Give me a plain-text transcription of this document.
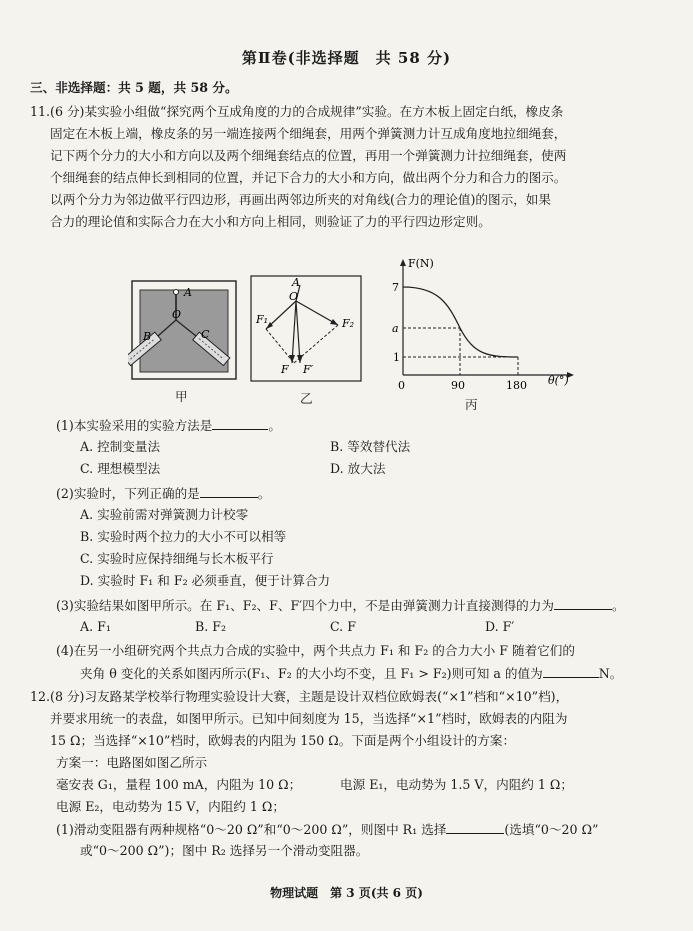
第Ⅱ卷(非选择题　共 58 分)
三、非选择题：共 5 题，共 58 分。
11.(6 分)某实验小组做“探究两个互成角度的力的合成规律”实验。在方木板上固定白纸，橡皮条
固定在木板上端，橡皮条的另一端连接两个细绳套，用两个弹簧测力计互成角度地拉细绳套，
记下两个分力的大小和方向以及两个细绳套结点的位置，再用一个弹簧测力计拉细绳套，使两
个细绳套的结点伸长到相同的位置，并记下合力的大小和方向，做出两个分力和合力的图示。
以两个分力为邻边做平行四边形，再画出两邻边所夹的对角线(合力的理论值)的图示，如果
合力的理论值和实际合力在大小和方向上相同，则验证了力的平行四边形定则。
A
O
B	C
甲
A
O
F₁	F₂
F F′
乙
F(N)
θ(°)
7
a
1
0	90	180
丙
(1)本实验采用的实验方法是	。
A. 控制变量法	B. 等效替代法
C. 理想模型法	D. 放大法
(2)实验时，下列正确的是	。
A. 实验前需对弹簧测力计校零
B. 实验时两个拉力的大小不可以相等
C. 实验时应保持细绳与长木板平行
D. 实验时 F₁ 和 F₂ 必须垂直，便于计算合力
(3)实验结果如图甲所示。在 F₁、F₂、F、F′四个力中，不是由弹簧测力计直接测得的力为	。
A. F₁	B. F₂	C. F	D. F′
(4)在另一小组研究两个共点力合成的实验中，两个共点力 F₁ 和 F₂ 的合力大小 F 随着它们的
夹角 θ 变化的关系如图丙所示(F₁、F₂ 的大小均不变，且 F₁ > F₂)则可知 a 的值为	N。
12.(8 分)习友路某学校举行物理实验设计大赛，主题是设计双档位欧姆表(“×1”档和“×10”档)，
并要求用统一的表盘，如图甲所示。已知中间刻度为 15，当选择“×1”档时，欧姆表的内阻为
15 Ω；当选择“×10”档时，欧姆表的内阻为 150 Ω。下面是两个小组设计的方案：
方案一：电路图如图乙所示
毫安表 G₁，量程 100 mA，内阻为 10 Ω；	电源 E₁，电动势为 1.5 V，内阻约 1 Ω；
电源 E₂，电动势为 15 V，内阻约 1 Ω；
(1)滑动变阻器有两种规格“0～20 Ω”和“0～200 Ω”，则图中 R₁ 选择	(选填“0～20 Ω”
或“0～200 Ω”)；图中 R₂ 选择另一个滑动变阻器。
物理试题　第 3 页(共 6 页)
